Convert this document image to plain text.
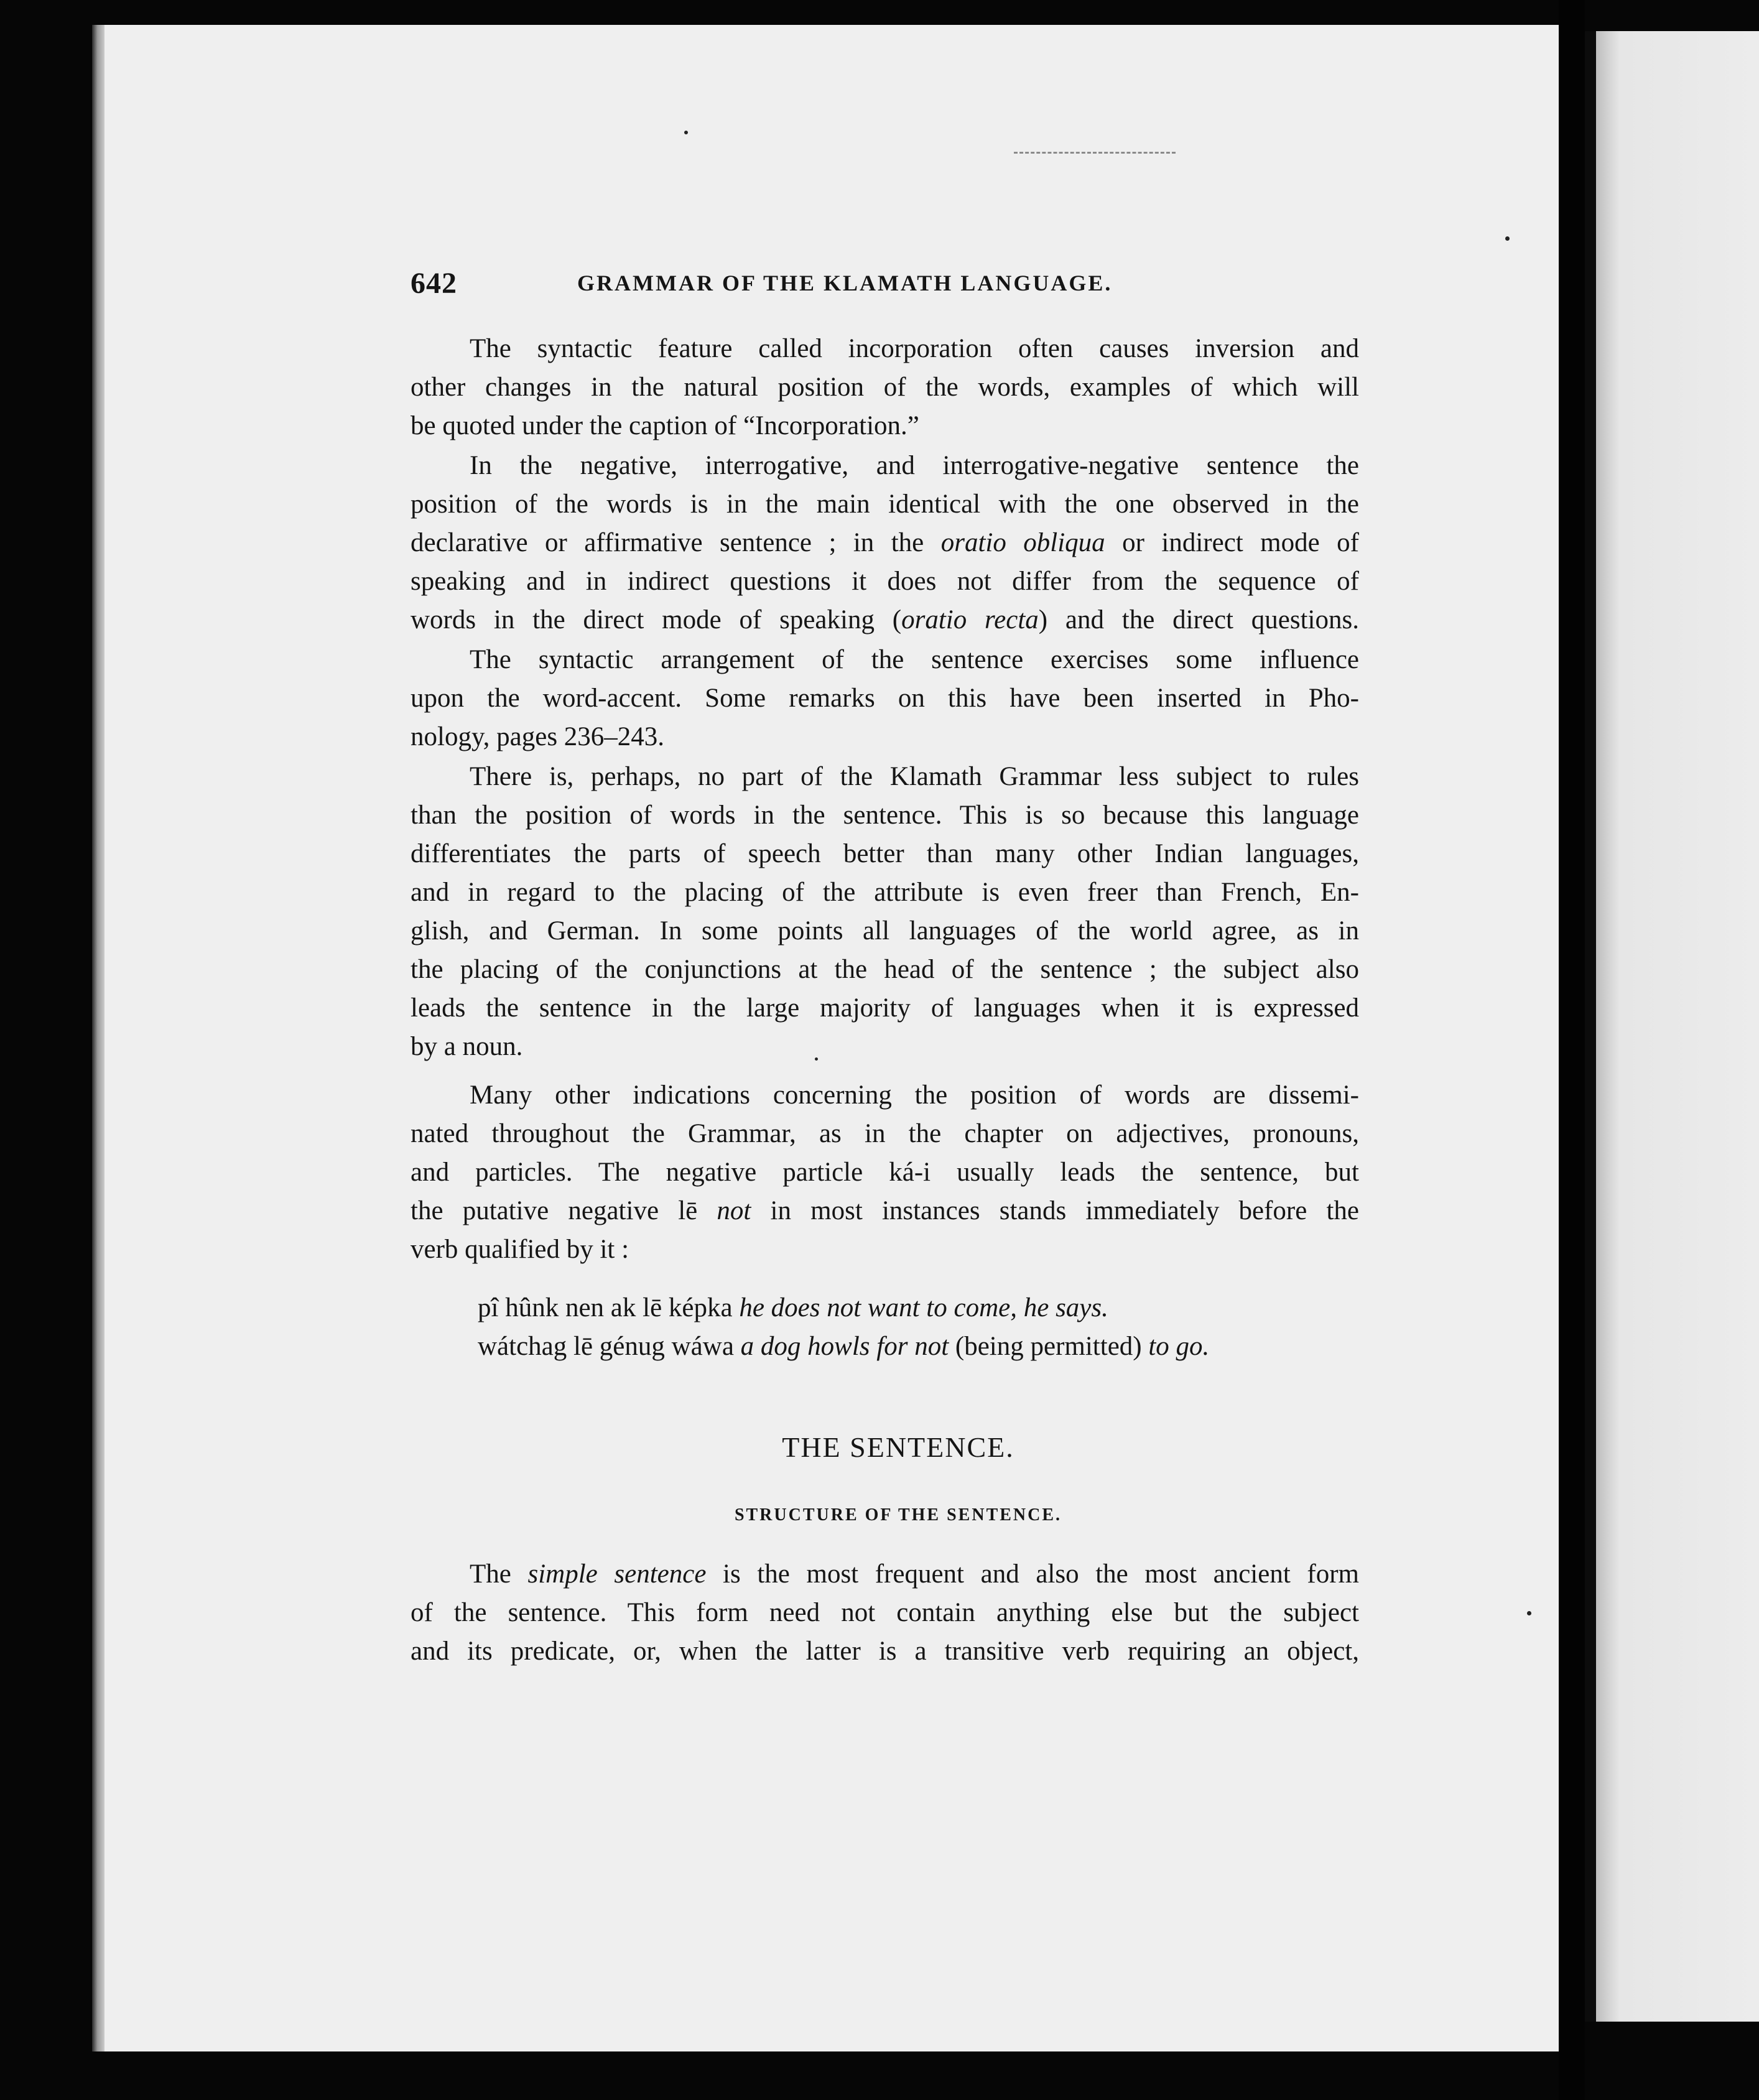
642	GRAMMAR OF THE KLAMATH LANGUAGE.
The syntactic feature called incorporation often causes inversion and
other changes in the natural position of the words, examples of which will
be quoted under the caption of “Incorporation.”
In the negative, interrogative, and interrogative-negative sentence the
position of the words is in the main identical with the one observed in the
declarative or affirmative sentence ; in the oratio obliqua or indirect mode of
speaking and in indirect questions it does not differ from the sequence of
words in the direct mode of speaking (oratio recta) and the direct questions.
The syntactic arrangement of the sentence exercises some influence
upon the word-accent. Some remarks on this have been inserted in Pho-
nology, pages 236–243.
There is, perhaps, no part of the Klamath Grammar less subject to rules
than the position of words in the sentence. This is so because this language
differentiates the parts of speech better than many other Indian languages,
and in regard to the placing of the attribute is even freer than French, En-
glish, and German. In some points all languages of the world agree, as in
the placing of the conjunctions at the head of the sentence ; the subject also
leads the sentence in the large majority of languages when it is expressed
by a noun.
Many other indications concerning the position of words are dissemi-
nated throughout the Grammar, as in the chapter on adjectives, pronouns,
and particles. The negative particle ká-i usually leads the sentence, but
the putative negative lē not in most instances stands immediately before the
verb qualified by it :
pî hûnk nen ak lē képka he does not want to come, he says.
wátchag lē génug wáwa a dog howls for not (being permitted) to go.
THE SENTENCE.
STRUCTURE OF THE SENTENCE.
The simple sentence is the most frequent and also the most ancient form
of the sentence. This form need not contain anything else but the subject
and its predicate, or, when the latter is a transitive verb requiring an object,
